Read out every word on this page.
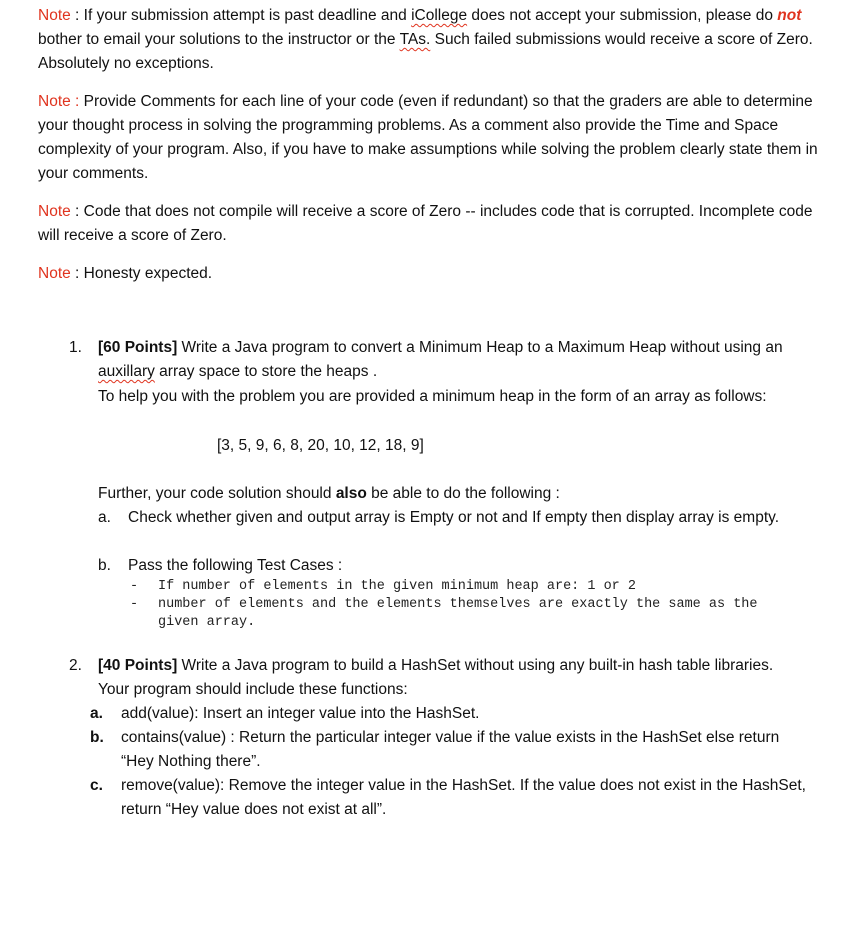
Note : If your submission attempt is past deadline and iCollege does not accept your submission, please do not bother to email your solutions to the instructor or the TAs. Such failed submissions would receive a score of Zero. Absolutely no exceptions.
Note : Provide Comments for each line of your code (even if redundant) so that the graders are able to determine your thought process in solving the programming problems. As a comment also provide the Time and Space complexity of your program. Also, if you have to make assumptions while solving the problem clearly state them in your comments.
Note : Code that does not compile will receive a score of Zero -- includes code that is corrupted. Incomplete code will receive a score of Zero.
Note : Honesty expected.
1. [60 Points] Write a Java program to convert a Minimum Heap to a Maximum Heap without using an auxillary array space to store the heaps .
To help you with the problem you are provided a minimum heap in the form of an array as follows:
[3, 5, 9, 6, 8, 20, 10, 12, 18, 9]
Further, your code solution should also be able to do the following :
a. Check whether given and output array is Empty or not and If empty then display array is empty.
b. Pass the following Test Cases :
- If number of elements in the given minimum heap are: 1 or 2
- number of elements and the elements themselves are exactly the same as the given array.
2. [40 Points] Write a Java program to build a HashSet without using any built-in hash table libraries. Your program should include these functions:
a. add(value): Insert an integer value into the HashSet.
b. contains(value) : Return the particular integer value if the value exists in the HashSet else return “Hey Nothing there”.
c. remove(value): Remove the integer value in the HashSet. If the value does not exist in the HashSet, return “Hey value does not exist at all”.
